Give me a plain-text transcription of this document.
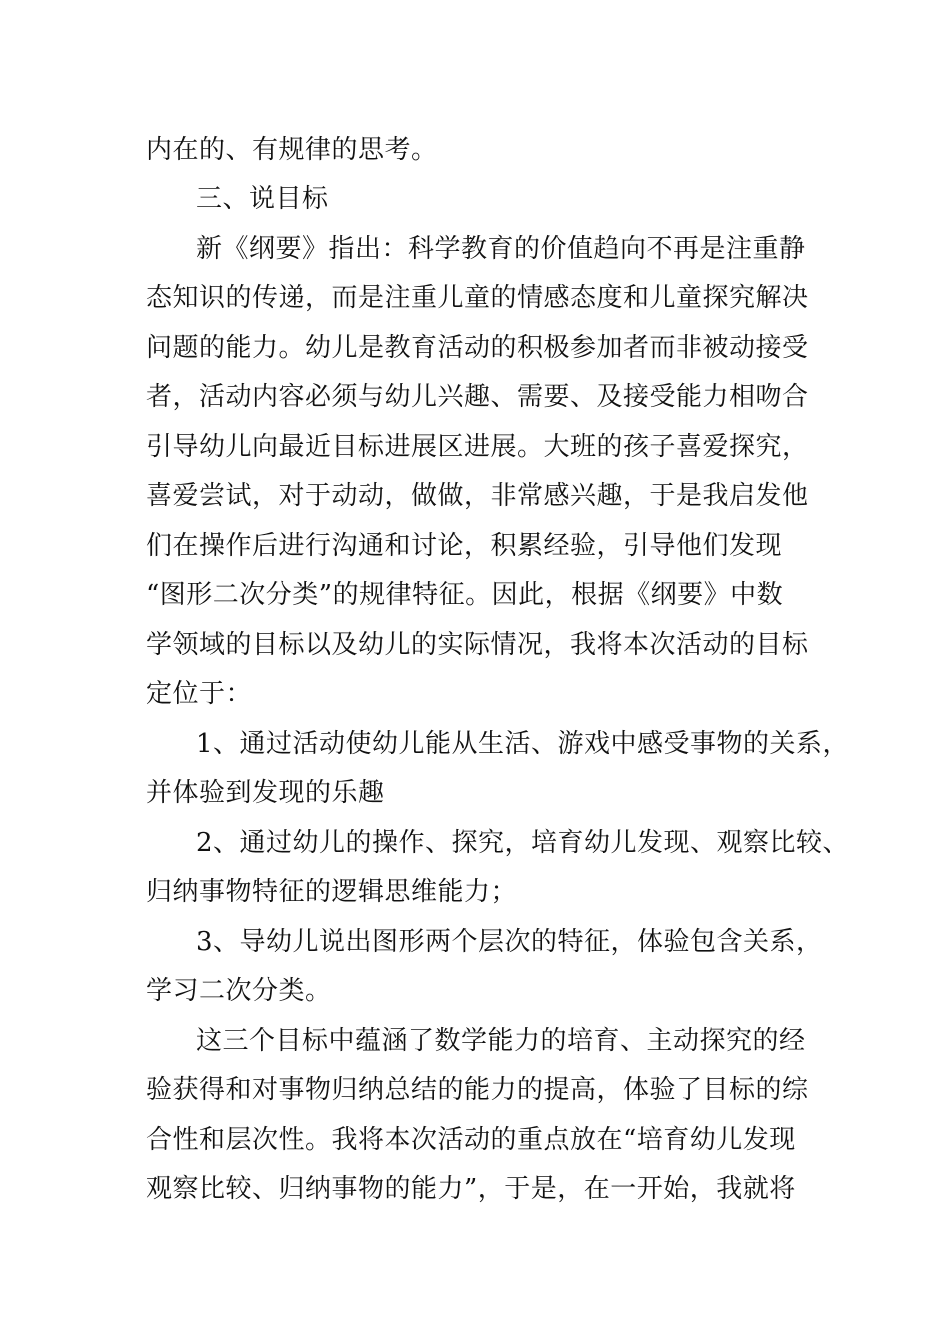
内在的、有规律的思考。
三、说目标
新《纲要》指出：科学教育的价值趋向不再是注重静
态知识的传递，而是注重儿童的情感态度和儿童探究解决
问题的能力。幼儿是教育活动的积极参加者而非被动接受
者，活动内容必须与幼儿兴趣、需要、及接受能力相吻合
引导幼儿向最近目标进展区进展。大班的孩子喜爱探究，
喜爱尝试，对于动动，做做，非常感兴趣，于是我启发他
们在操作后进行沟通和讨论，积累经验，引导他们发现
“图形二次分类”的规律特征。因此，根据《纲要》中数
学领域的目标以及幼儿的实际情况，我将本次活动的目标
定位于：
1、通过活动使幼儿能从生活、游戏中感受事物的关系，
并体验到发现的乐趣
2、通过幼儿的操作、探究，培育幼儿发现、观察比较、
归纳事物特征的逻辑思维能力；
3、导幼儿说出图形两个层次的特征，体验包含关系，
学习二次分类。
这三个目标中蕴涵了数学能力的培育、主动探究的经
验获得和对事物归纳总结的能力的提高，体验了目标的综
合性和层次性。我将本次活动的重点放在“培育幼儿发现
观察比较、归纳事物的能力”，于是，在一开始，我就将
